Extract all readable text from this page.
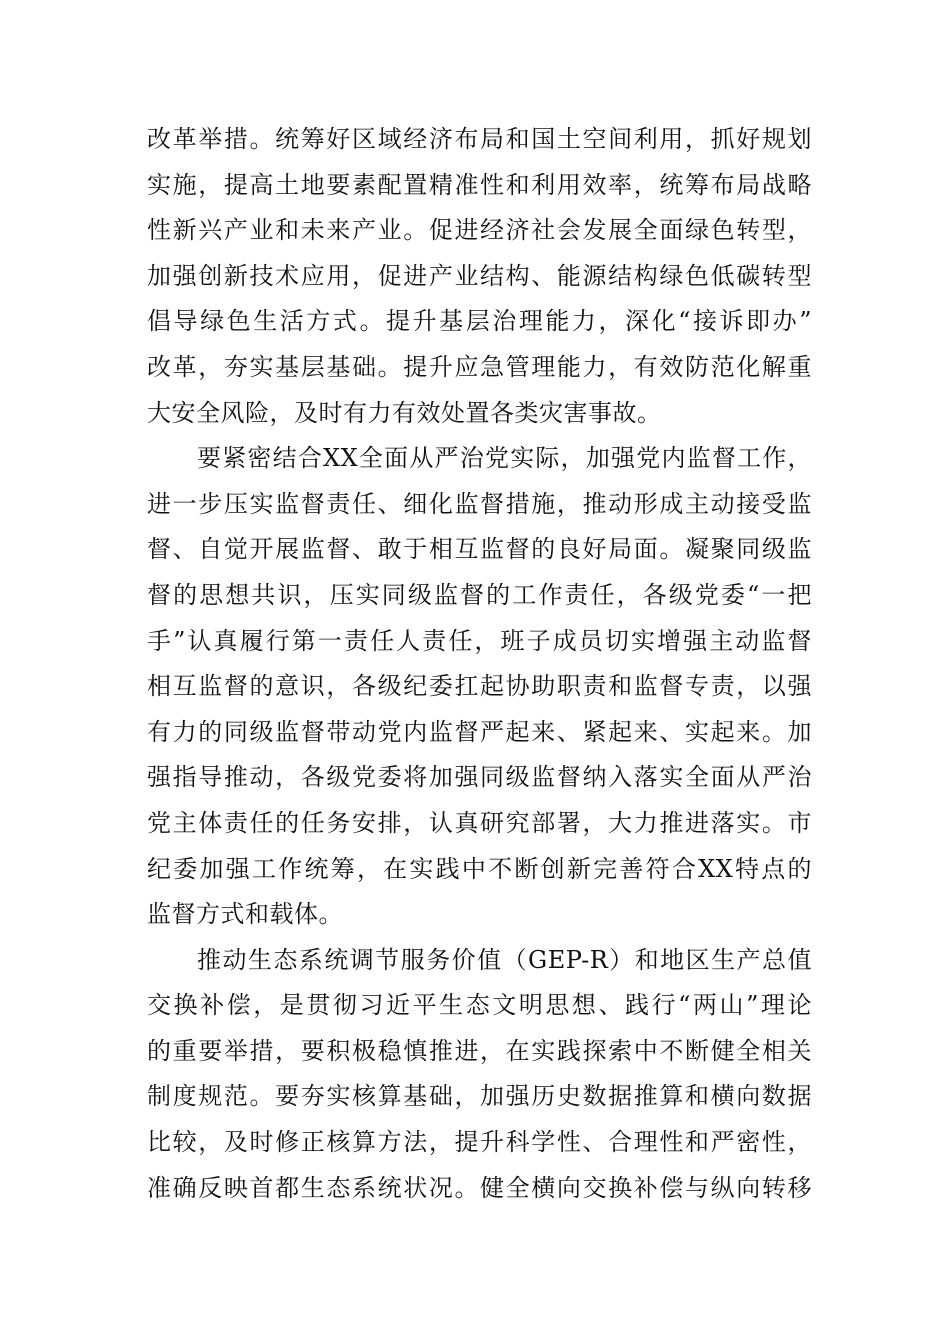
改革举措。统筹好区域经济布局和国土空间利用，抓好规划
实施，提高土地要素配置精准性和利用效率，统筹布局战略
性新兴产业和未来产业。促进经济社会发展全面绿色转型，
加强创新技术应用，促进产业结构、能源结构绿色低碳转型
倡导绿色生活方式。提升基层治理能力，深化“接诉即办”
改革，夯实基层基础。提升应急管理能力，有效防范化解重
大安全风险，及时有力有效处置各类灾害事故。
要紧密结合XX全面从严治党实际，加强党内监督工作，
进一步压实监督责任、细化监督措施，推动形成主动接受监
督、自觉开展监督、敢于相互监督的良好局面。凝聚同级监
督的思想共识，压实同级监督的工作责任，各级党委“一把
手”认真履行第一责任人责任，班子成员切实增强主动监督
相互监督的意识，各级纪委扛起协助职责和监督专责，以强
有力的同级监督带动党内监督严起来、紧起来、实起来。加
强指导推动，各级党委将加强同级监督纳入落实全面从严治
党主体责任的任务安排，认真研究部署，大力推进落实。市
纪委加强工作统筹，在实践中不断创新完善符合XX特点的
监督方式和载体。
推动生态系统调节服务价值（GEP-R）和地区生产总值
交换补偿，是贯彻习近平生态文明思想、践行“两山”理论
的重要举措，要积极稳慎推进，在实践探索中不断健全相关
制度规范。要夯实核算基础，加强历史数据推算和横向数据
比较，及时修正核算方法，提升科学性、合理性和严密性，
准确反映首都生态系统状况。健全横向交换补偿与纵向转移
